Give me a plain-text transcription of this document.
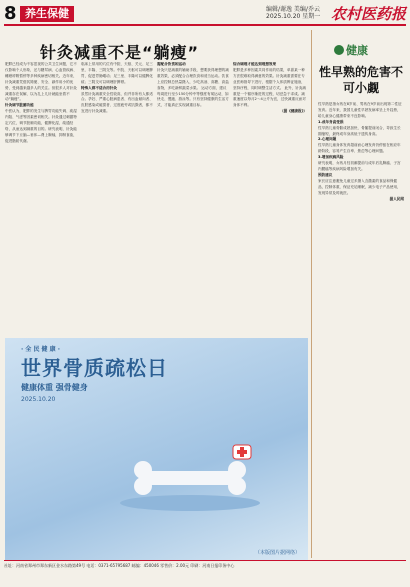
8 养生保健	编辑/谢逸 美编/乔云
2025.10.20 星期一 农村医药报
针灸减重不是“躺瘦”
肥胖已经成为不容忽视的公共卫生问题，它不仅影响个人形象，还与糖尿病、心血管疾病、睡眠呼吸暂停等多种疾病密切相关。近年来，针灸减重凭借其简便、安全、副作用小的优势，受到越来越多人的关注。但很多人对针灸减重存在误解，以为扎上几针就能坐着不动“躺瘦”。
针灸调节脏腑功能
中医认为，肥胖的发生与脾胃功能失调、痰湿内阻、气虚等因素密切相关。针灸通过刺激特定穴位，调节脏腑功能，健脾化湿，疏通经络，从而达到减重的目的。研究表明，针灸能够调节下丘脑—垂体—肾上腺轴，抑制食欲，促进脂肪代谢。
临床上常用的穴位有中脘、天枢、关元、足三里、丰隆、三阴交等。中脘、天枢可以调理脾胃，促进胃肠蠕动；足三里、丰隆可以健脾化痰；三阴交可以调理肝脾肾。
特殊人群不适合用针灸
虽然针灸减重安全性较高，但并非所有人都适合。孕妇、严重心脏病患者、有出血倾向者、皮肤感染或破损者、过度疲劳或饥饿者，都不宜进行针灸减重。
需配合饮食和运动
针灸只是减重的辅助手段，想要获得理想的减重效果，必须配合合理饮食和适当运动。饮食上应控制总热量摄入，少吃高油、高糖、高盐食物，多吃新鲜蔬菜水果。 运动方面，建议每周进行至少150分钟中等强度有氧运动，如快走、慢跑、游泳等。只有坚持健康的生活方式，才能真正实现减重目标。
综合调理才能达到理想效果
肥胖是多种因素共同作用的结果，单靠某一种方法很难取得满意的效果。针灸减重需要在专业医师指导下进行，根据个人体质辨证施治，坚持疗程，同时调整生活方式。 此外，针灸减重是一个循序渐进的过程，切忌急于求成。减重速度以每月2～4公斤为宜，过快减重反而对身体不利。
（据《健康报》）
· 全 民 健 康 ·
世界骨质疏松日
健康体重 强骨健身
2025.10.20
（本版图片据网络）
健康
性早熟的危害不可小觑
性早熟是指女孩在8岁前、男孩在9岁前出现第二性征发育。近年来，我国儿童性早熟发病率呈上升趋势，给儿童身心健康带来不良影响。
1.成年身高受损
性早熟儿童骨骼成熟加快，骨骺提前闭合，导致生长期缩短，最终成年身高低于遗传身高。
2.心理问题
性早熟儿童身体发育超前而心理发育仍停留在相应年龄阶段，容易产生自卑、焦虑等心理问题。
3.增加疾病风险
研究表明，女孩月经初潮提前与成年后乳腺癌、子宫内膜癌等疾病风险增加有关。
预防建议
家长应注意避免儿童过多摄入含激素的食品和保健品，控制体重，保证充足睡眠，减少电子产品使用，发现异常及时就医。
据人民网
社址：河南省郑州市郑东新区金水东路第49号 电话：0371-65795687 邮编：450046 零售价：2.00元 印刷：河南日报印务中心
